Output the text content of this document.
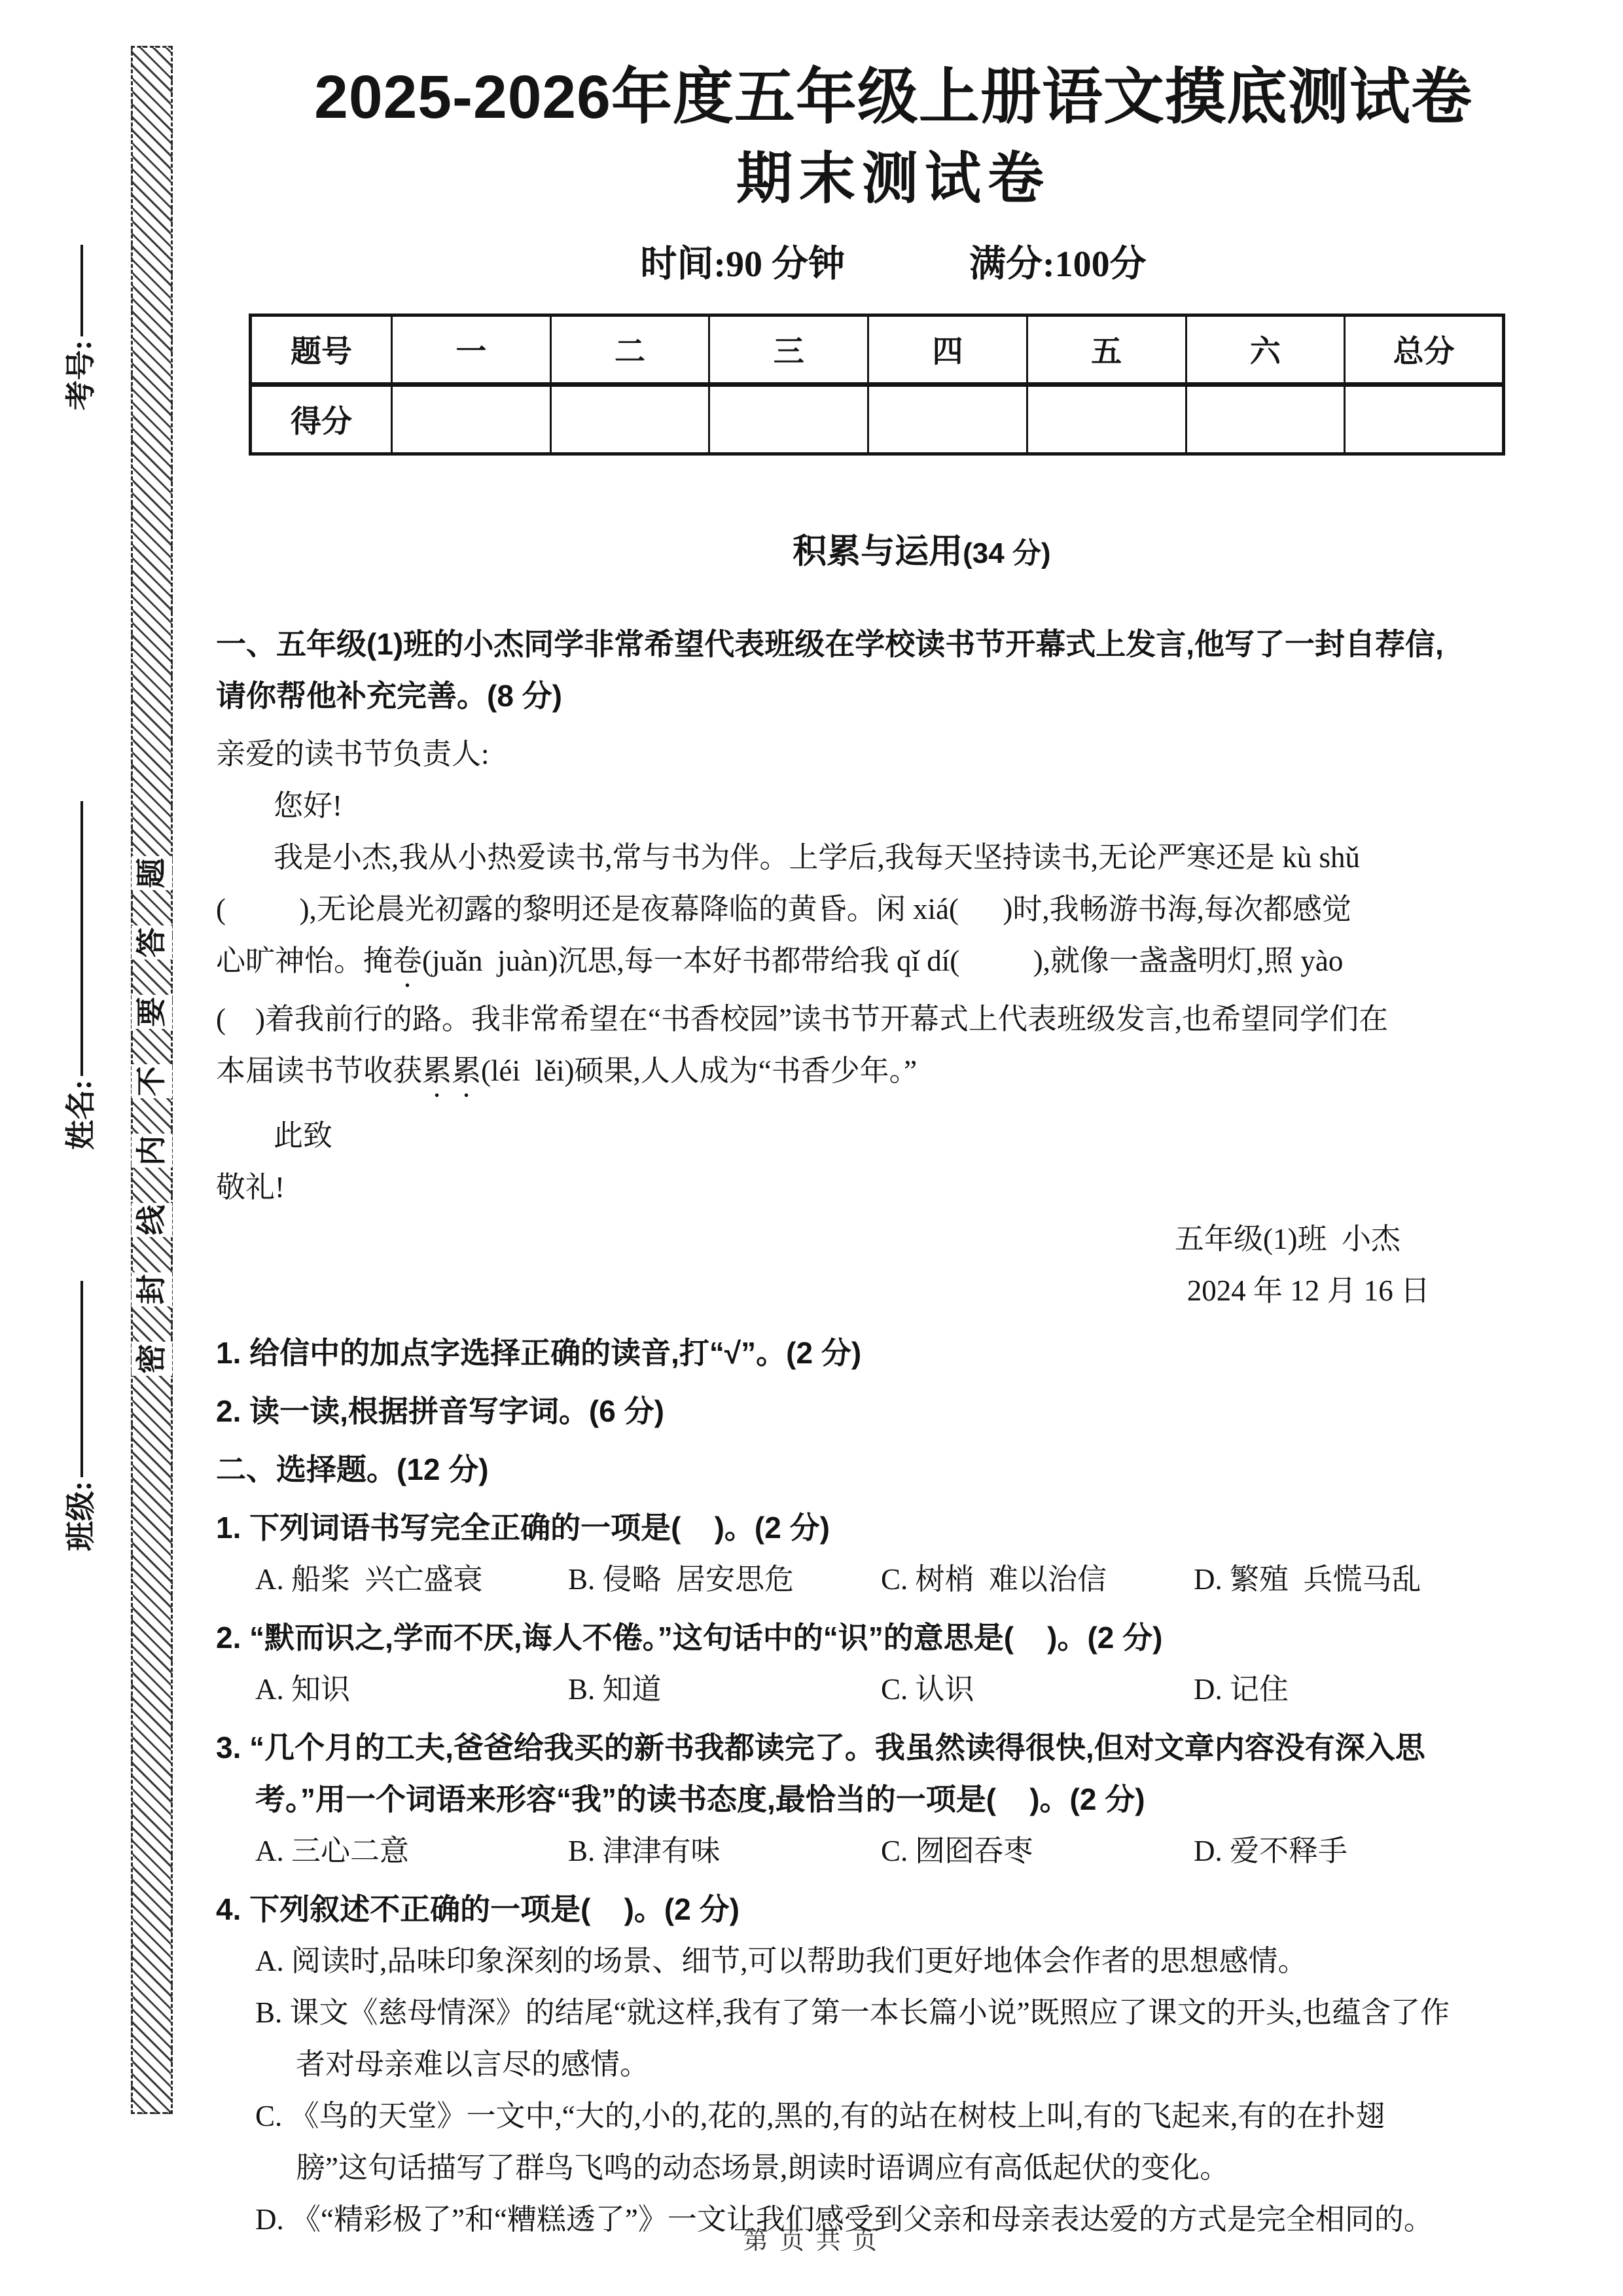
题
答
要
不
内
线
封
密
考号:
姓名:
班级:
2025-2026年度五年级上册语文摸底测试卷
期末测试卷
时间:90 分钟	满分:100分
题号	一	二	三	四	五	六	总分
得分							

积累与运用(34 分)

一、五年级(1)班的小杰同学非常希望代表班级在学校读书节开幕式上发言,他写了一封自荐信,
请你帮他补充完善。(8 分)
亲爱的读书节负责人:
您好!
我是小杰,我从小热爱读书,常与书为伴。上学后,我每天坚持读书,无论严寒还是 kù shǔ
(          ),无论晨光初露的黎明还是夜幕降临的黄昏。闲 xiá(      )时,我畅游书海,每次都感觉
心旷神怡。掩卷(juǎn  juàn)沉思,每一本好书都带给我 qǐ dí(          ),就像一盏盏明灯,照 yào
(    )着我前行的路。我非常希望在“书香校园”读书节开幕式上代表班级发言,也希望同学们在
本届读书节收获累累(léi  lěi)硕果,人人成为“书香少年。”
此致
敬礼!
五年级(1)班  小杰
2024 年 12 月 16 日
1. 给信中的加点字选择正确的读音,打“√”。(2 分)
2. 读一读,根据拼音写字词。(6 分)
二、选择题。(12 分)
1. 下列词语书写完全正确的一项是(    )。(2 分)
A. 船桨  兴亡盛衰	B. 侵略  居安思危	C. 树梢  难以治信	D. 繁殖  兵慌马乱
2. “默而识之,学而不厌,诲人不倦。”这句话中的“识”的意思是(    )。(2 分)
A. 知识	B. 知道	C. 认识	D. 记住
3. “几个月的工夫,爸爸给我买的新书我都读完了。我虽然读得很快,但对文章内容没有深入思
考。”用一个词语来形容“我”的读书态度,最恰当的一项是(    )。(2 分)
A. 三心二意	B. 津津有味	C. 囫囵吞枣	D. 爱不释手
4. 下列叙述不正确的一项是(    )。(2 分)
A. 阅读时,品味印象深刻的场景、细节,可以帮助我们更好地体会作者的思想感情。
B. 课文《慈母情深》的结尾“就这样,我有了第一本长篇小说”既照应了课文的开头,也蕴含了作
者对母亲难以言尽的感情。
C. 《鸟的天堂》一文中,“大的,小的,花的,黑的,有的站在树枝上叫,有的飞起来,有的在扑翅
膀”这句话描写了群鸟飞鸣的动态场景,朗读时语调应有高低起伏的变化。
D. 《“精彩极了”和“糟糕透了”》一文让我们感受到父亲和母亲表达爱的方式是完全相同的。
第 页 共 页
